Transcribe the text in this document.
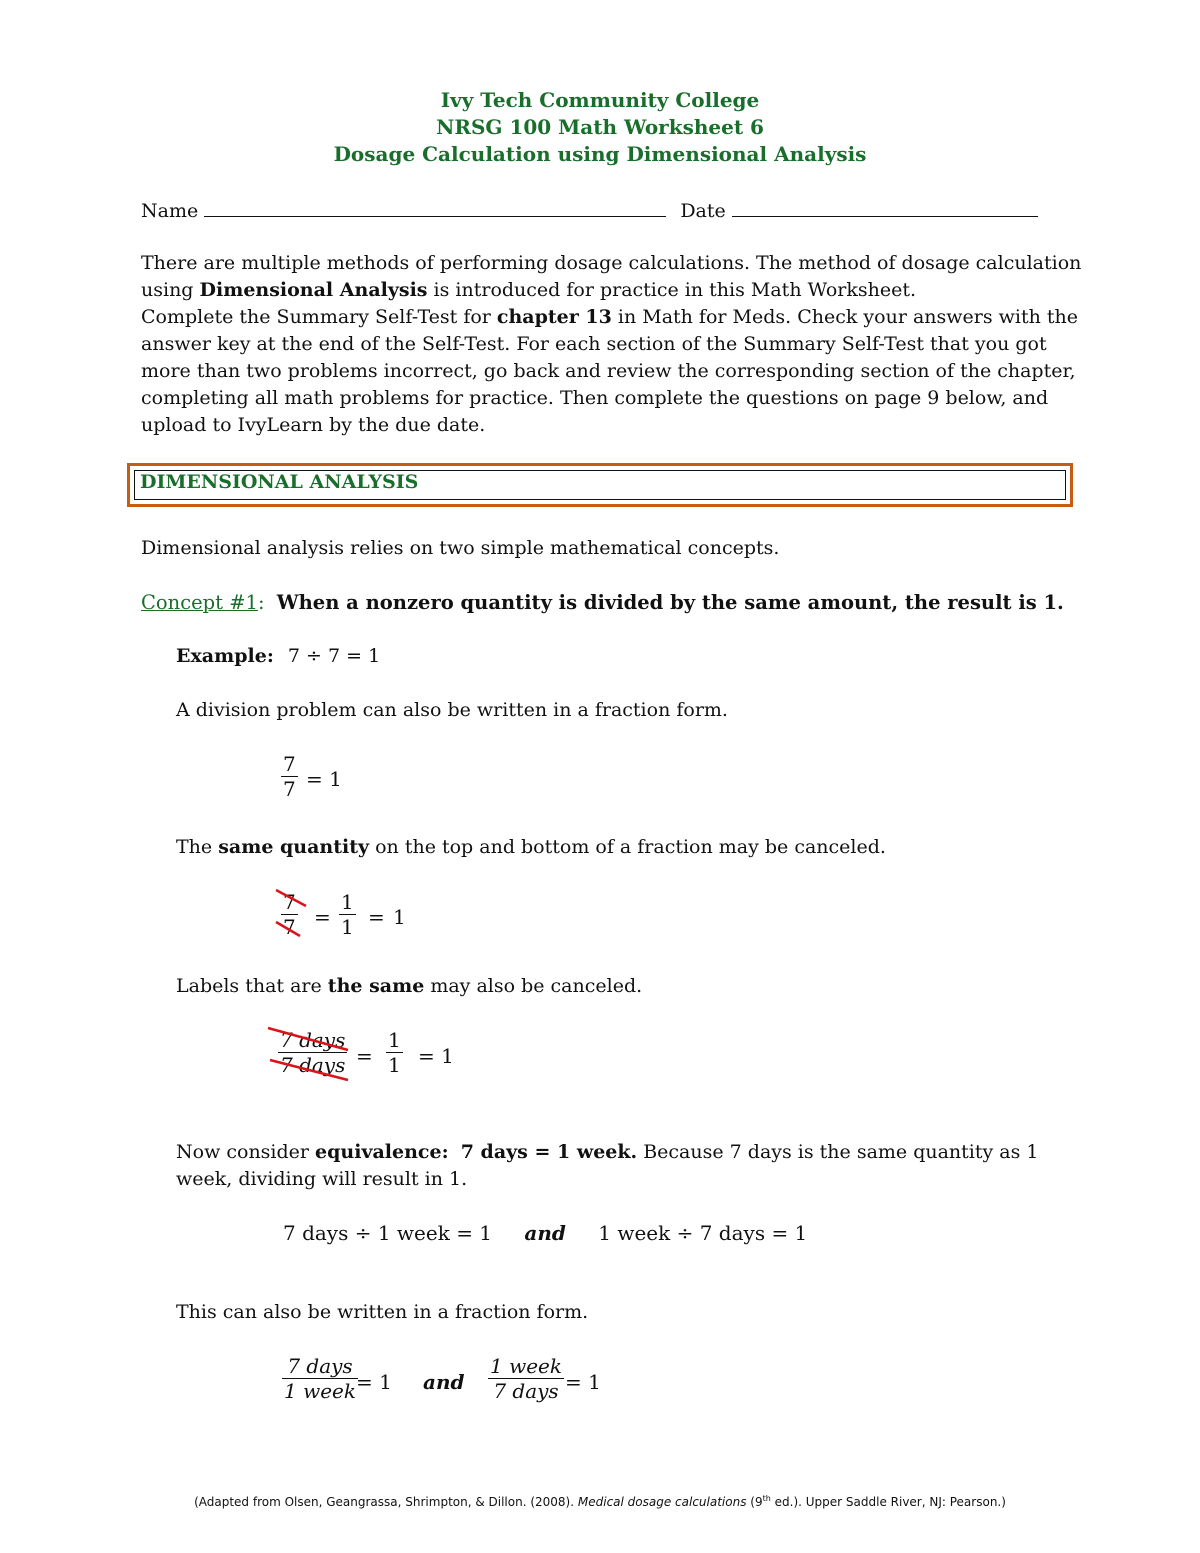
Ivy Tech Community College
NRSG 100 Math Worksheet 6
Dosage Calculation using Dimensional Analysis
Name	Date
There are multiple methods of performing dosage calculations. The method of dosage calculation
using Dimensional Analysis is introduced for practice in this Math Worksheet.
Complete the Summary Self-Test for chapter 13 in Math for Meds. Check your answers with the
answer key at the end of the Self-Test. For each section of the Summary Self-Test that you got
more than two problems incorrect, go back and review the corresponding section of the chapter,
completing all math problems for practice. Then complete the questions on page 9 below, and
upload to IvyLearn by the due date.
DIMENSIONAL ANALYSIS
Dimensional analysis relies on two simple mathematical concepts.
Concept #1: When a nonzero quantity is divided by the same amount, the result is 1.
Example: 7 ÷ 7 = 1
A division problem can also be written in a fraction form.
$\frac{7}{7} = 1$
The same quantity on the top and bottom of a fraction may be canceled.
$\frac{7}{7} = \frac{1}{1} = 1$
Labels that are the same may also be canceled.
7 days
7 days = $\frac{1}{1} = 1$
Now consider equivalence: 7 days = 1 week. Because 7 days is the same quantity as 1
week, dividing will result in 1.
7 days ÷ 1 week = 1 and 1 week ÷ 7 days = 1
This can also be written in a fraction form.
7 days
1 week = 1 and
1 week
7 days = 1
(Adapted from Olsen, Geangrassa, Shrimpton, & Dillon. (2008). Medical dosage calculations (9th ed.). Upper Saddle River, NJ: Pearson.)
